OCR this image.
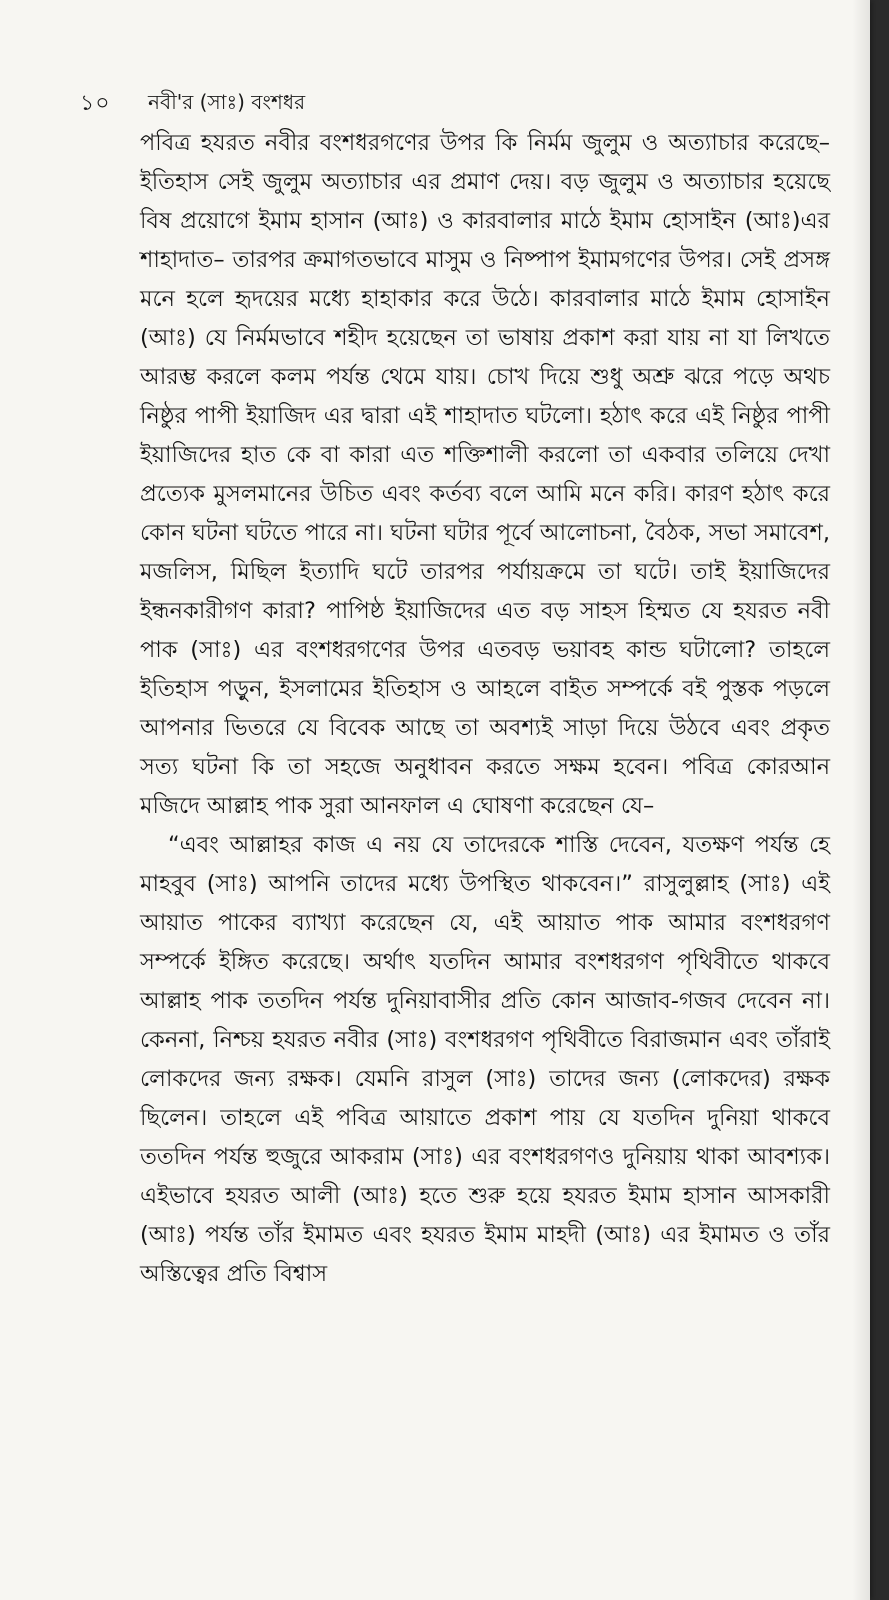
১০	নবী'র (সাঃ) বংশধর

পবিত্র হযরত নবীর বংশধরগণের উপর কি নির্মম জুলুম ও অত্যাচার করেছে– ইতিহাস সেই জুলুম অত্যাচার এর প্রমাণ দেয়। বড় জুলুম ও অত্যাচার হয়েছে বিষ প্রয়োগে ইমাম হাসান (আঃ) ও কারবালার মাঠে ইমাম হোসাইন (আঃ)এর শাহাদাত– তারপর ক্রমাগতভাবে মাসুম ও নিষ্পাপ ইমামগণের উপর। সেই প্রসঙ্গ মনে হলে হৃদয়ের মধ্যে হাহাকার করে উঠে। কারবালার মাঠে ইমাম হোসাইন (আঃ) যে নির্মমভাবে শহীদ হয়েছেন তা ভাষায় প্রকাশ করা যায় না যা লিখতে আরম্ভ করলে কলম পর্যন্ত থেমে যায়। চোখ দিয়ে শুধু অশ্রু ঝরে পড়ে অথচ নিষ্ঠুর পাপী ইয়াজিদ এর দ্বারা এই শাহাদাত ঘটলো। হঠাৎ করে এই নিষ্ঠুর পাপী ইয়াজিদের হাত কে বা কারা এত শক্তিশালী করলো তা একবার তলিয়ে দেখা প্রত্যেক মুসলমানের উচিত এবং কর্তব্য বলে আমি মনে করি। কারণ হঠাৎ করে কোন ঘটনা ঘটতে পারে না। ঘটনা ঘটার পূর্বে আলোচনা, বৈঠক, সভা সমাবেশ, মজলিস, মিছিল ইত্যাদি ঘটে তারপর পর্যায়ক্রমে তা ঘটে। তাই ইয়াজিদের ইন্ধনকারীগণ কারা? পাপিষ্ঠ ইয়াজিদের এত বড় সাহস হিম্মত যে হযরত নবী পাক (সাঃ) এর বংশধরগণের উপর এতবড় ভয়াবহ কান্ড ঘটালো? তাহলে ইতিহাস পড়ুন, ইসলামের ইতিহাস ও আহলে বাইত সম্পর্কে বই পুস্তক পড়লে আপনার ভিতরে যে বিবেক আছে তা অবশ্যই সাড়া দিয়ে উঠবে এবং প্রকৃত সত্য ঘটনা কি তা সহজে অনুধাবন করতে সক্ষম হবেন। পবিত্র কোরআন মজিদে আল্লাহ পাক সুরা আনফাল এ ঘোষণা করেছেন যে–

“এবং আল্লাহর কাজ এ নয় যে তাদেরকে শাস্তি দেবেন, যতক্ষণ পর্যন্ত হে মাহবুব (সাঃ) আপনি তাদের মধ্যে উপস্থিত থাকবেন।” রাসুলুল্লাহ (সাঃ) এই আয়াত পাকের ব্যাখ্যা করেছেন যে, এই আয়াত পাক আমার বংশধরগণ সম্পর্কে ইঙ্গিত করেছে। অর্থাৎ যতদিন আমার বংশধরগণ পৃথিবীতে থাকবে আল্লাহ পাক ততদিন পর্যন্ত দুনিয়াবাসীর প্রতি কোন আজাব-গজব দেবেন না। কেননা, নিশ্চয় হযরত নবীর (সাঃ) বংশধরগণ পৃথিবীতে বিরাজমান এবং তাঁরাই লোকদের জন্য রক্ষক। যেমনি রাসুল (সাঃ) তাদের জন্য (লোকদের) রক্ষক ছিলেন। তাহলে এই পবিত্র আয়াতে প্রকাশ পায় যে যতদিন দুনিয়া থাকবে ততদিন পর্যন্ত হুজুরে আকরাম (সাঃ) এর বংশধরগণও দুনিয়ায় থাকা আবশ্যক। এইভাবে হযরত আলী (আঃ) হতে শুরু হয়ে হযরত ইমাম হাসান আসকারী (আঃ) পর্যন্ত তাঁর ইমামত এবং হযরত ইমাম মাহদী (আঃ) এর ইমামত ও তাঁর অস্তিত্বের প্রতি বিশ্বাস
